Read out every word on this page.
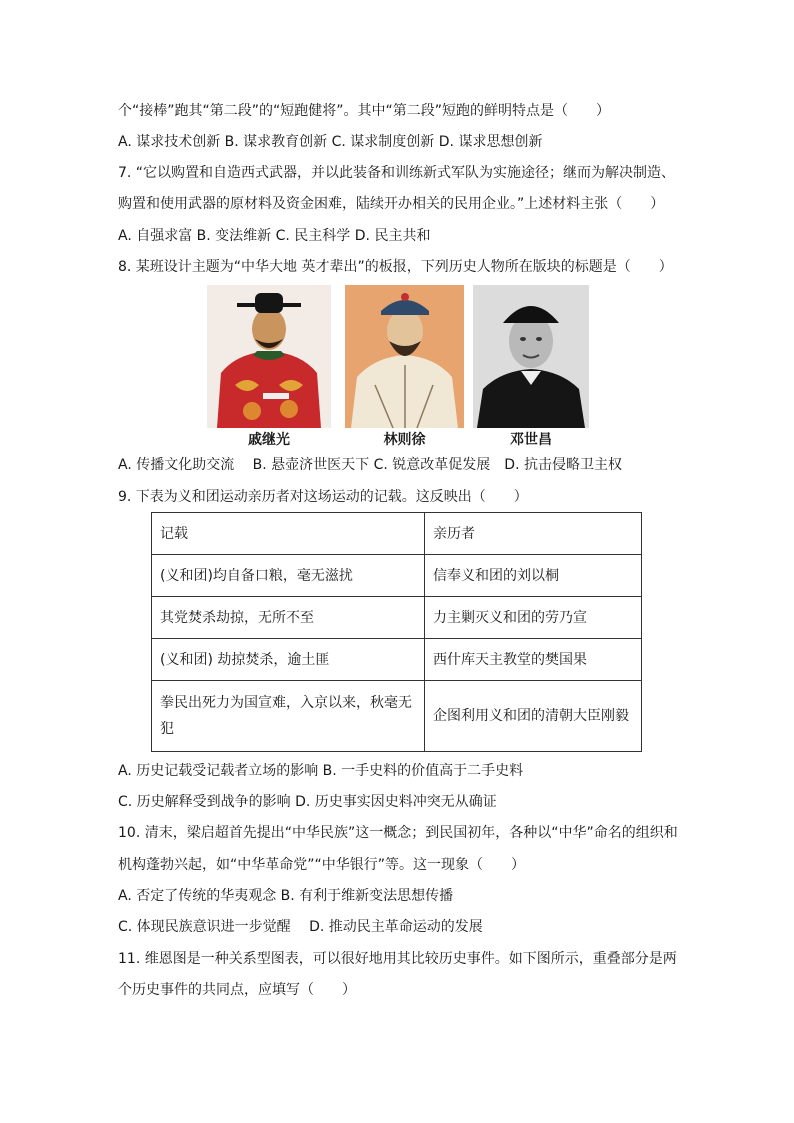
个“接棒”跑其“第二段”的“短跑健将”。其中“第二段”短跑的鲜明特点是（　　）
A. 谋求技术创新 B. 谋求教育创新 C. 谋求制度创新 D. 谋求思想创新
7. “它以购置和自造西式武器，并以此装备和训练新式军队为实施途径；继而为解决制造、
购置和使用武器的原材料及资金困难，陆续开办相关的民用企业。”上述材料主张（　　）
A. 自强求富 B. 变法维新 C. 民主科学 D. 民主共和
8. 某班设计主题为“中华大地 英才辈出”的板报，下列历史人物所在版块的标题是（　　）
戚继光	林则徐	邓世昌
A. 传播文化助交流　 B. 悬壶济世医天下 C. 锐意改革促发展　D. 抗击侵略卫主权
9. 下表为义和团运动亲历者对这场运动的记载。这反映出（　　）
记载	亲历者
(义和团)均自备口粮，毫无滋扰	信奉义和团的刘以桐
其党焚杀劫掠，无所不至	力主剿灭义和团的劳乃宣
(义和团) 劫掠焚杀，逾土匪	西什库天主教堂的樊国果

拳民出死力为国宣难，入京以来，秋毫无
犯	企图利用义和团的清朝大臣刚毅
A. 历史记载受记载者立场的影响 B. 一手史料的价值高于二手史料
C. 历史解释受到战争的影响 D. 历史事实因史料冲突无从确证
10. 清末，梁启超首先提出“中华民族”这一概念；到民国初年，各种以“中华”命名的组织和
机构蓬勃兴起，如“中华革命党”“中华银行”等。这一现象（　　）
A. 否定了传统的华夷观念 B. 有利于维新变法思想传播
C. 体现民族意识进一步觉醒　 D. 推动民主革命运动的发展
11. 维恩图是一种关系型图表，可以很好地用其比较历史事件。如下图所示，重叠部分是两
个历史事件的共同点，应填写（　　）
